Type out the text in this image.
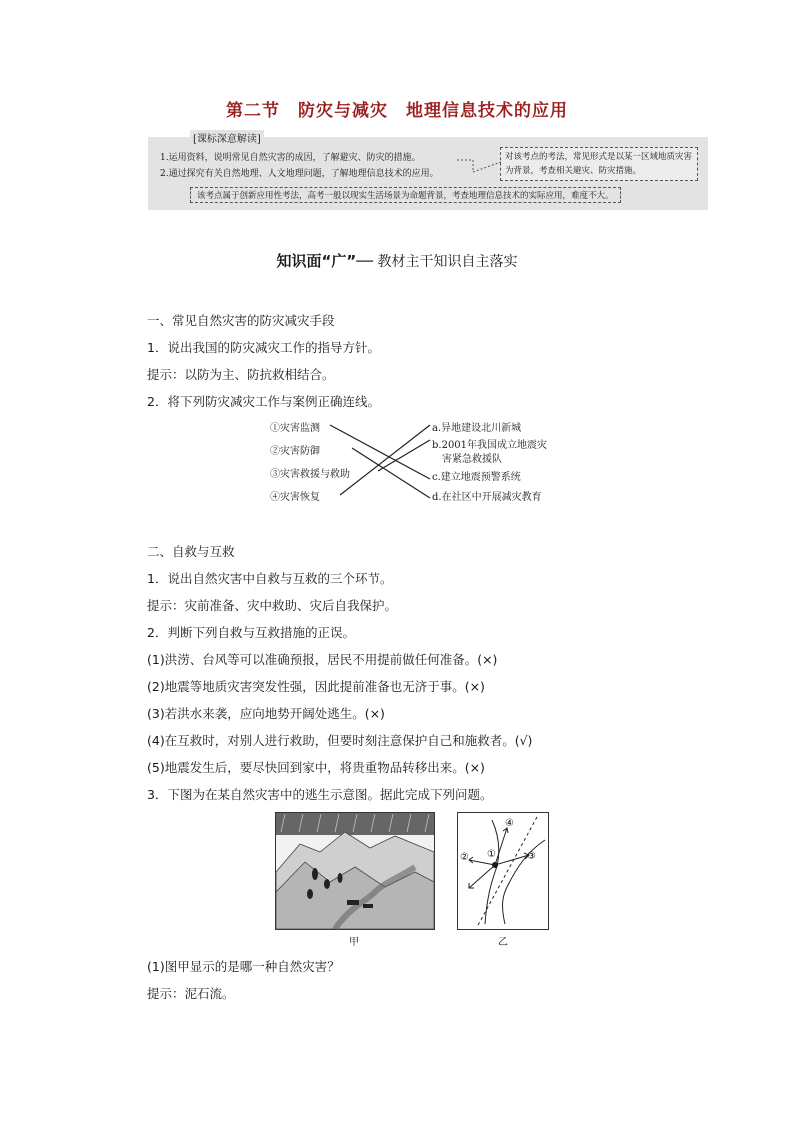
第二节　防灾与减灾　地理信息技术的应用
[课标深意解读]
1.运用资料，说明常见自然灾害的成因，了解避灾、防灾的措施。
2.通过探究有关自然地理、人文地理问题，了解地理信息技术的应用。
对该考点的考法，常见形式是以某一区域地质灾害为背景，考查相关避灾、防灾措施。
该考点属于创新应用性考法，高考一般以现实生活场景为命题背景，考查地理信息技术的实际应用，难度不大。
知识面“广”── 教材主干知识自主落实
一、常见自然灾害的防灾减灾手段
1．说出我国的防灾减灾工作的指导方针。
提示：以防为主、防抗救相结合。
2．将下列防灾减灾工作与案例正确连线。
①灾害监测
②灾害防御
③灾害救援与救助
④灾害恢复
a.异地建设北川新城
b.2001年我国成立地震灾
害紧急救援队
c.建立地震预警系统
d.在社区中开展减灾教育
二、自救与互救
1．说出自然灾害中自救与互救的三个环节。
提示：灾前准备、灾中救助、灾后自我保护。
2．判断下列自救与互救措施的正误。
(1)洪涝、台风等可以准确预报，居民不用提前做任何准备。(×)
(2)地震等地质灾害突发性强，因此提前准备也无济于事。(×)
(3)若洪水来袭，应向地势开阔处逃生。(×)
(4)在互救时，对别人进行救助，但要时刻注意保护自己和施救者。(√)
(5)地震发生后，要尽快回到家中，将贵重物品转移出来。(×)
3．下图为在某自然灾害中的逃生示意图。据此完成下列问题。
甲
② ①	③
④
乙
(1)图甲显示的是哪一种自然灾害？
提示：泥石流。
